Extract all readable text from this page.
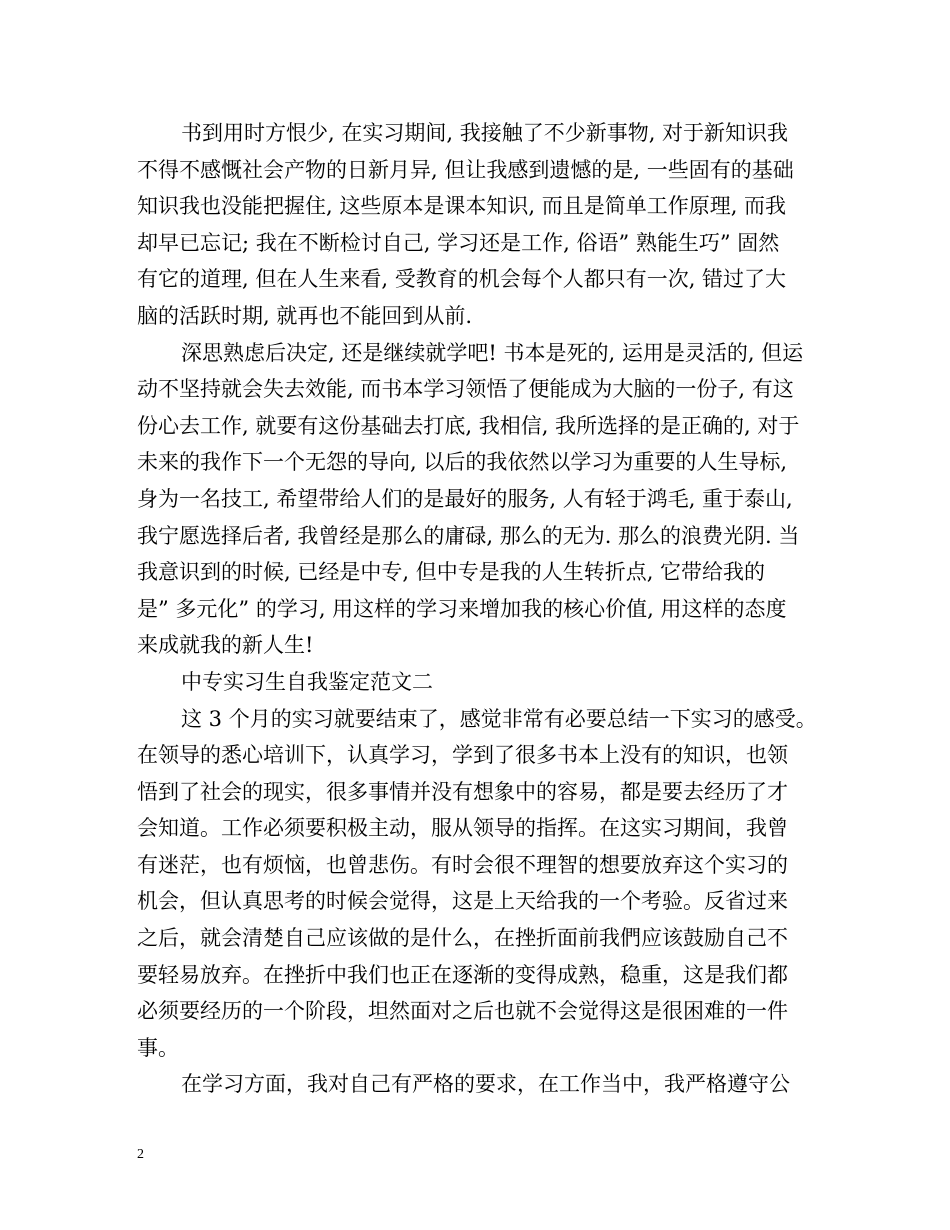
书到用时方恨少, 在实习期间, 我接触了不少新事物, 对于新知识我
不得不感慨社会产物的日新月异, 但让我感到遗憾的是, 一些固有的基础
知识我也没能把握住, 这些原本是课本知识, 而且是简单工作原理, 而我
却早已忘记; 我在不断检讨自己, 学习还是工作, 俗语” 熟能生巧” 固然
有它的道理, 但在人生来看, 受教育的机会每个人都只有一次, 错过了大
脑的活跃时期, 就再也不能回到从前.
深思熟虑后决定, 还是继续就学吧! 书本是死的, 运用是灵活的, 但运
动不坚持就会失去效能, 而书本学习领悟了便能成为大脑的一份子, 有这
份心去工作, 就要有这份基础去打底, 我相信, 我所选择的是正确的, 对于
未来的我作下一个无怨的导向, 以后的我依然以学习为重要的人生导标,
身为一名技工, 希望带给人们的是最好的服务, 人有轻于鸿毛, 重于泰山,
我宁愿选择后者, 我曾经是那么的庸碌, 那么的无为. 那么的浪费光阴. 当
我意识到的时候, 已经是中专, 但中专是我的人生转折点, 它带给我的
是” 多元化” 的学习, 用这样的学习来增加我的核心价值, 用这样的态度
来成就我的新人生!
中专实习生自我鉴定范文二
这 3 个月的实习就要结束了，感觉非常有必要总结一下实习的感受。
在领导的悉心培训下，认真学习，学到了很多书本上没有的知识，也领
悟到了社会的现实，很多事情并没有想象中的容易，都是要去经历了才
会知道。工作必须要积极主动，服从领导的指挥。在这实习期间，我曾
有迷茫，也有烦恼，也曾悲伤。有时会很不理智的想要放弃这个实习的
机会，但认真思考的时候会觉得，这是上天给我的一个考验。反省过来
之后，就会清楚自己应该做的是什么，在挫折面前我們应该鼓励自己不
要轻易放弃。在挫折中我们也正在逐渐的变得成熟，稳重，这是我们都
必须要经历的一个阶段，坦然面对之后也就不会觉得这是很困难的一件
事。
在学习方面，我对自己有严格的要求，在工作当中，我严格遵守公
2
